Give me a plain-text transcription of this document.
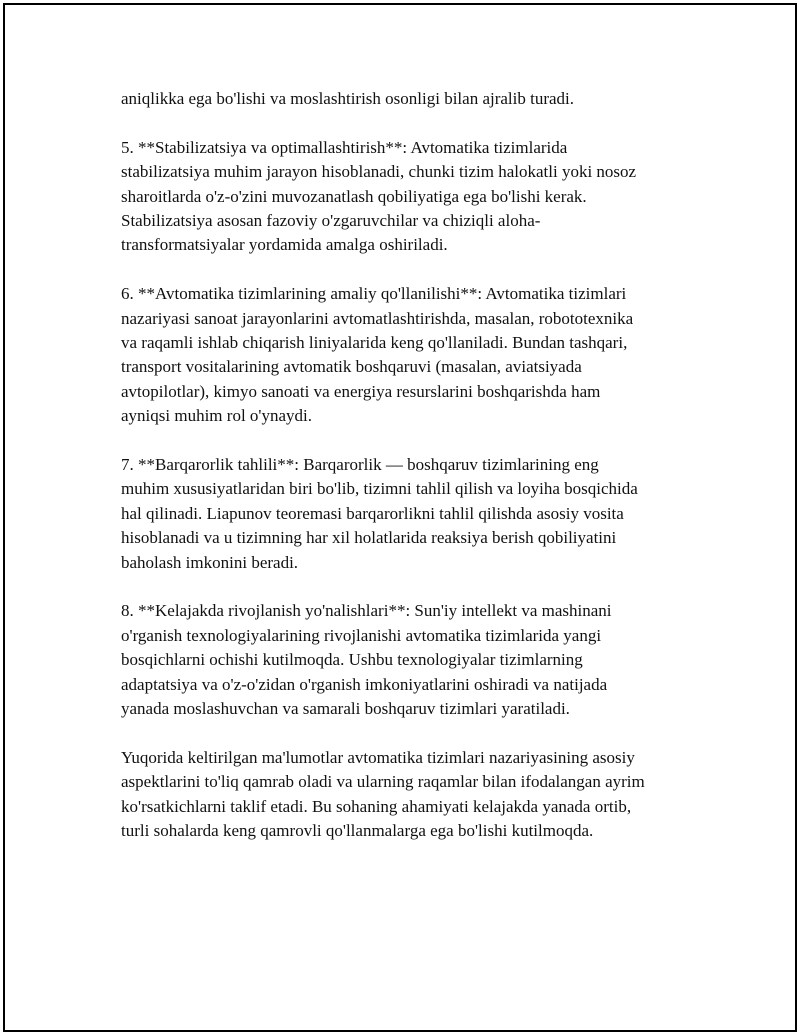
aniqlikka ega bo'lishi va moslashtirish osonligi bilan ajralib turadi.

5. **Stabilizatsiya va optimallashtirish**: Avtomatika tizimlarida
stabilizatsiya muhim jarayon hisoblanadi, chunki tizim halokatli yoki nosoz
sharoitlarda o'z-o'zini muvozanatlash qobiliyatiga ega bo'lishi kerak.
Stabilizatsiya asosan fazoviy o'zgaruvchilar va chiziqli aloha-
transformatsiyalar yordamida amalga oshiriladi.

6. **Avtomatika tizimlarining amaliy qo'llanilishi**: Avtomatika tizimlari
nazariyasi sanoat jarayonlarini avtomatlashtirishda, masalan, robototexnika
va raqamli ishlab chiqarish liniyalarida keng qo'llaniladi. Bundan tashqari,
transport vositalarining avtomatik boshqaruvi (masalan, aviatsiyada
avtopilotlar), kimyo sanoati va energiya resurslarini boshqarishda ham
ayniqsi muhim rol o'ynaydi.

7. **Barqarorlik tahlili**: Barqarorlik — boshqaruv tizimlarining eng
muhim xususiyatlaridan biri bo'lib, tizimni tahlil qilish va loyiha bosqichida
hal qilinadi. Liapunov teoremasi barqarorlikni tahlil qilishda asosiy vosita
hisoblanadi va u tizimning har xil holatlarida reaksiya berish qobiliyatini
baholash imkonini beradi.

8. **Kelajakda rivojlanish yo'nalishlari**: Sun'iy intellekt va mashinani
o'rganish texnologiyalarining rivojlanishi avtomatika tizimlarida yangi
bosqichlarni ochishi kutilmoqda. Ushbu texnologiyalar tizimlarning
adaptatsiya va o'z-o'zidan o'rganish imkoniyatlarini oshiradi va natijada
yanada moslashuvchan va samarali boshqaruv tizimlari yaratiladi.

Yuqorida keltirilgan ma'lumotlar avtomatika tizimlari nazariyasining asosiy
aspektlarini to'liq qamrab oladi va ularning raqamlar bilan ifodalangan ayrim
ko'rsatkichlarni taklif etadi. Bu sohaning ahamiyati kelajakda yanada ortib,
turli sohalarda keng qamrovli qo'llanmalarga ega bo'lishi kutilmoqda.
